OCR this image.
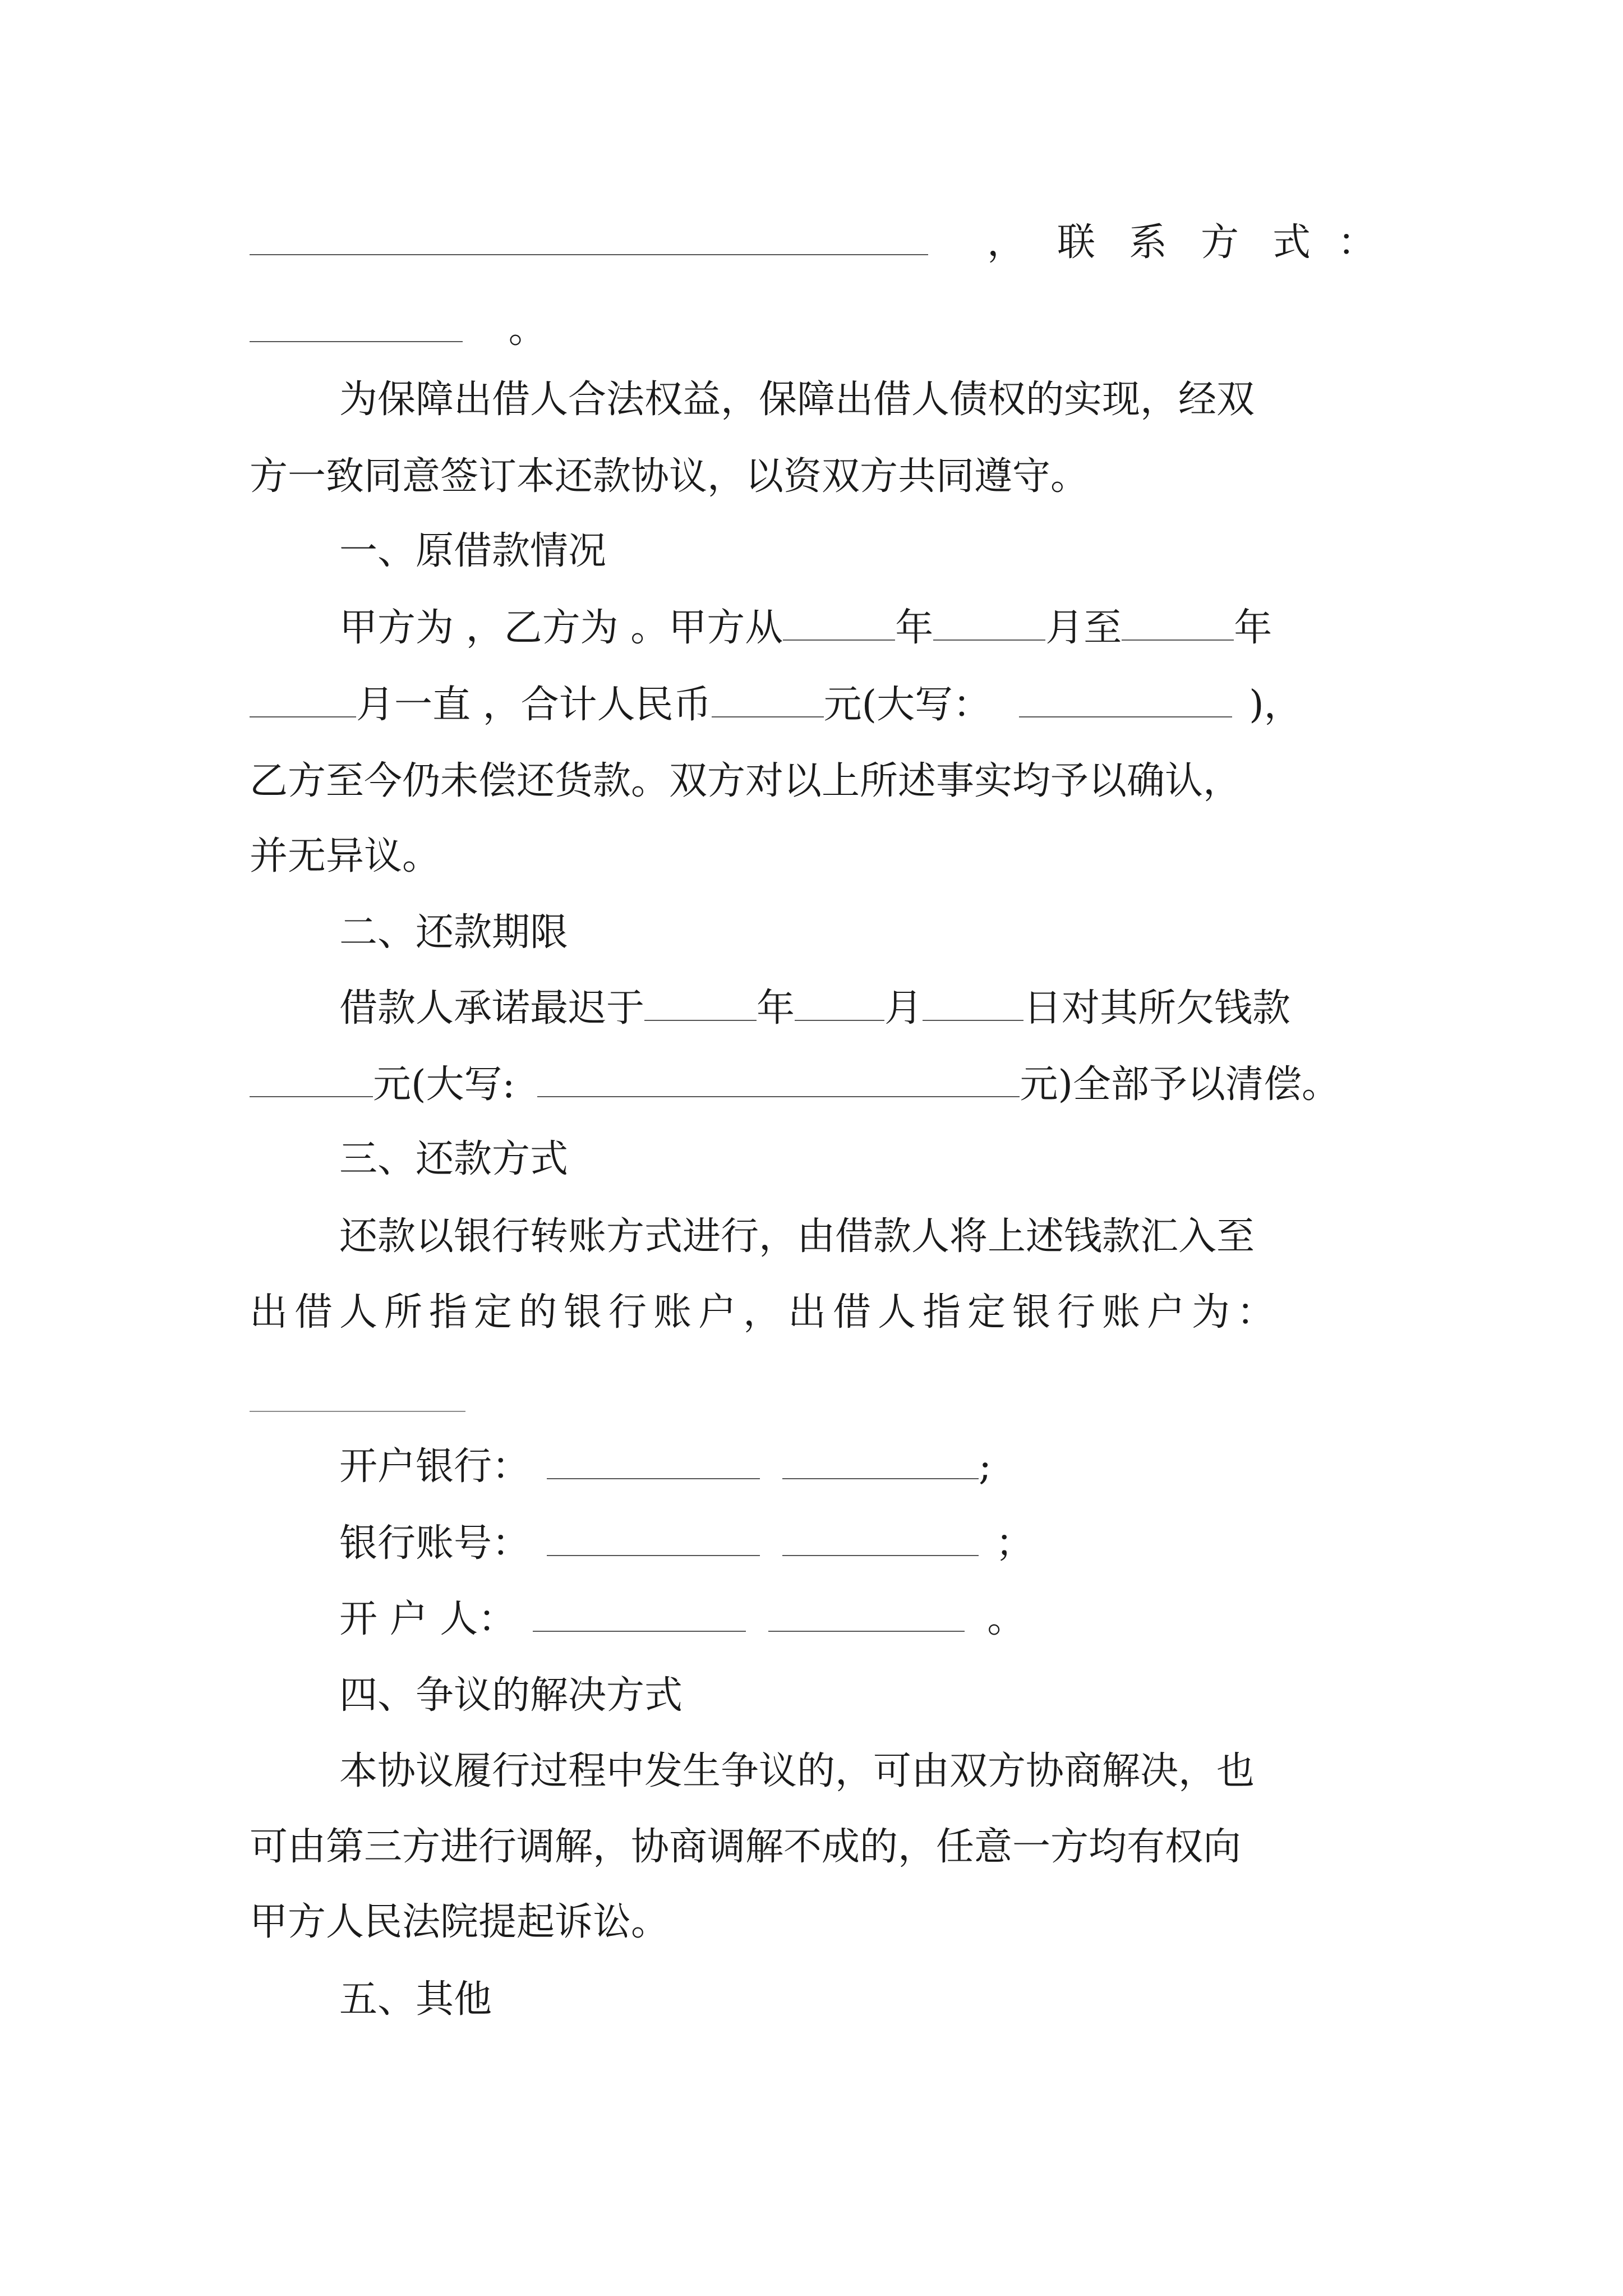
， 联系方式
：
。
为保障出借人合法权益，保障出借人债权的实现，经双
方一致同意签订本还款协议，以资双方共同遵守。
一、原借款情况
甲方为 ，乙方为 。甲方从	年	月至	年
月一直 ，合计人民币	元(大写：	)，
乙方至今仍未偿还货款。双方对以上所述事实均予以确认，
并无异议。
二、还款期限
借款人承诺最迟于	年 月	日对其所欠钱款
元(大写:	元)全部予以清偿。
三、还款方式
还款以银行转账方式进行，由借款人将上述钱款汇入至
出借人所指定的银行账户，出借人指定银行账户为：
开户银行：	;
银行账号：	；
开 户 人：	。
四、争议的解决方式
本协议履行过程中发生争议的，可由双方协商解决，也
可由第三方进行调解，协商调解不成的，任意一方均有权向
甲方人民法院提起诉讼。
五、其他
